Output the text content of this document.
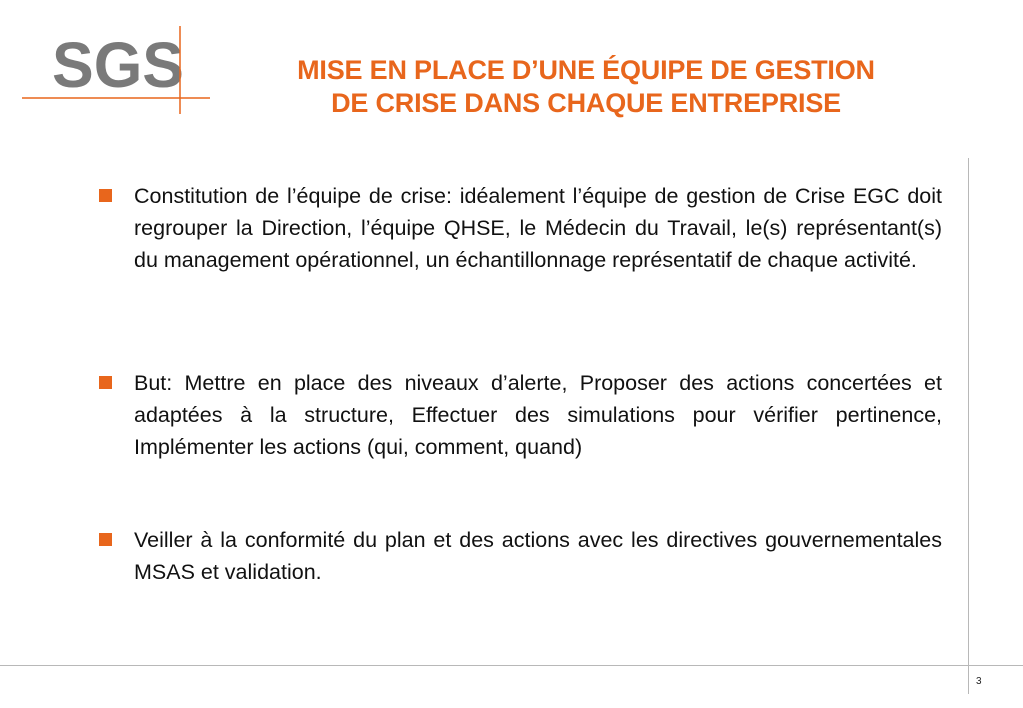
SGS	MISE EN PLACE D’UNE ÉQUIPE DE GESTION
DE CRISE DANS CHAQUE ENTREPRISE

Constitution de l’équipe de crise: idéalement l’équipe de gestion de Crise EGC doit regrouper la Direction, l’équipe QHSE, le Médecin du Travail, le(s) représentant(s) du management opérationnel, un échantillonnage représentatif de chaque activité.

But: Mettre en place des niveaux d’alerte, Proposer des actions concertées et adaptées à la structure, Effectuer des simulations pour vérifier pertinence, Implémenter les actions (qui, comment, quand)

Veiller à la conformité du plan et des actions avec les directives gouvernementales MSAS et validation.

3
